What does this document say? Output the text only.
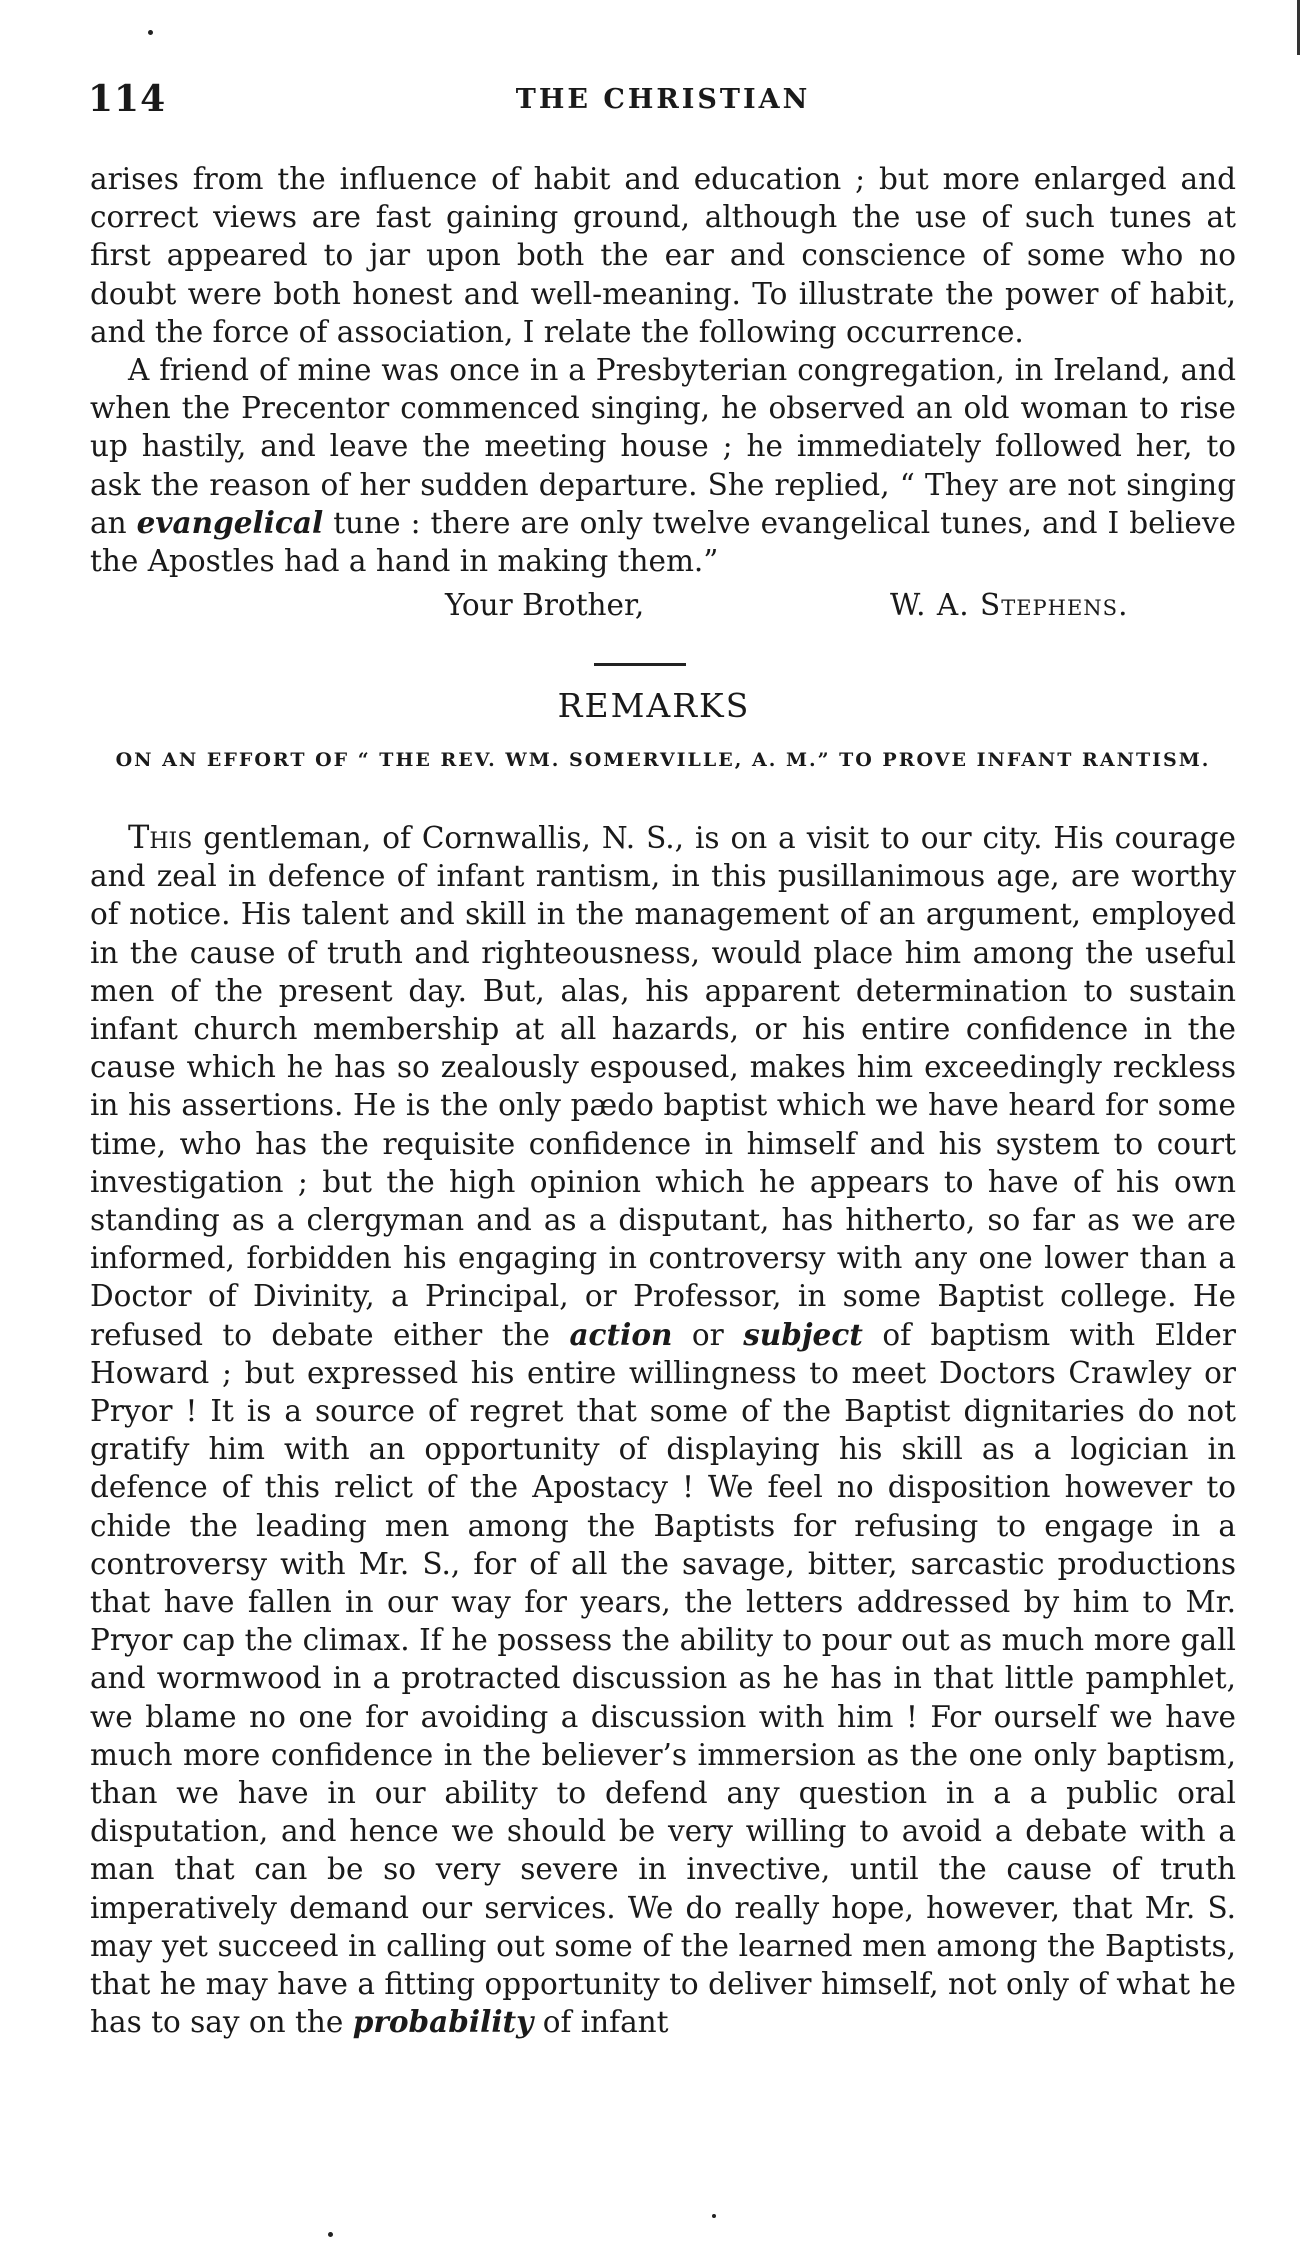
114	THE CHRISTIAN

arises from the influence of habit and education ; but more enlarged and correct views are fast gaining ground, although the use of such tunes at first appeared to jar upon both the ear and conscience of some who no doubt were both honest and well-meaning. To illustrate the power of habit, and the force of association, I relate the following occurrence.

A friend of mine was once in a Presbyterian congregation, in Ireland, and when the Precentor commenced singing, he observed an old woman to rise up hastily, and leave the meeting house ; he immediately followed her, to ask the reason of her sudden departure. She replied, “ They are not singing an evangelical tune : there are only twelve evangelical tunes, and I believe the Apostles had a hand in making them.”

Your Brother,	W. A. Stephens.
REMARKS
ON AN EFFORT OF “ THE REV. WM. SOMERVILLE, A. M.” TO PROVE INFANT RANTISM.

This gentleman, of Cornwallis, N. S., is on a visit to our city. His courage and zeal in defence of infant rantism, in this pusillanimous age, are worthy of notice. His talent and skill in the management of an argument, employed in the cause of truth and righteousness, would place him among the useful men of the present day. But, alas, his apparent determination to sustain infant church membership at all hazards, or his entire confidence in the cause which he has so zealously espoused, makes him exceedingly reckless in his assertions. He is the only pædo baptist which we have heard for some time, who has the requisite confidence in himself and his system to court investigation ; but the high opinion which he appears to have of his own standing as a clergyman and as a disputant, has hitherto, so far as we are informed, forbidden his engaging in controversy with any one lower than a Doctor of Divinity, a Principal, or Professor, in some Baptist college. He refused to debate either the action or subject of baptism with Elder Howard ; but expressed his entire willingness to meet Doctors Crawley or Pryor ! It is a source of regret that some of the Baptist dignitaries do not gratify him with an opportunity of displaying his skill as a logician in defence of this relict of the Apostacy ! We feel no disposition however to chide the leading men among the Baptists for refusing to engage in a controversy with Mr. S., for of all the savage, bitter, sarcastic productions that have fallen in our way for years, the letters addressed by him to Mr. Pryor cap the climax. If he possess the ability to pour out as much more gall and wormwood in a protracted discussion as he has in that little pamphlet, we blame no one for avoiding a discussion with him ! For ourself we have much more confidence in the believer’s immersion as the one only baptism, than we have in our ability to defend any question in a a public oral disputation, and hence we should be very willing to avoid a debate with a man that can be so very severe in invective, until the cause of truth imperatively demand our services. We do really hope, however, that Mr. S. may yet succeed in calling out some of the learned men among the Baptists, that he may have a fitting opportunity to deliver himself, not only of what he has to say on the probability of infant
